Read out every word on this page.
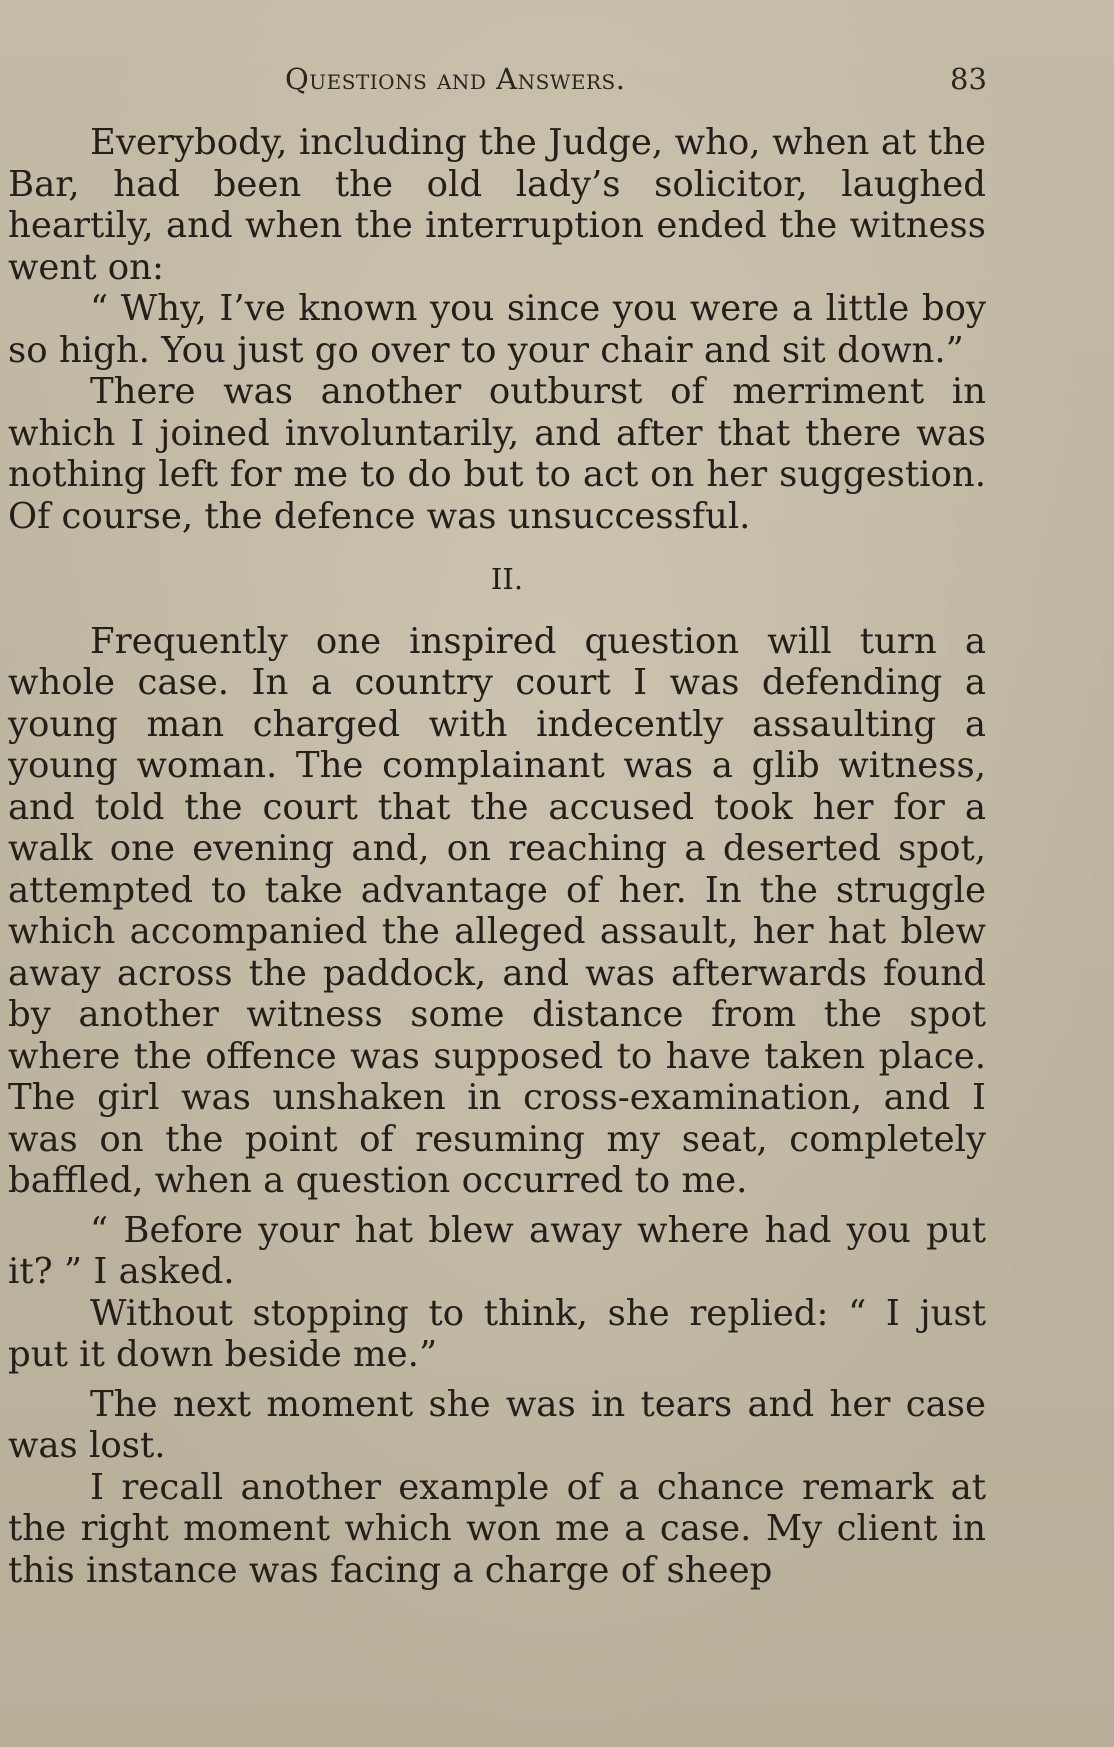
Questions and Answers.	83

Everybody, including the Judge, who, when at the Bar, had been the old lady’s solicitor, laughed heartily, and when the interruption ended the witness went on:

“ Why, I’ve known you since you were a little boy so high. You just go over to your chair and sit down.”

There was another outburst of merriment in which I joined involuntarily, and after that there was nothing left for me to do but to act on her suggestion. Of course, the defence was unsuccessful.

II.

Frequently one inspired question will turn a whole case. In a country court I was defending a young man charged with indecently assaulting a young woman. The complainant was a glib witness, and told the court that the accused took her for a walk one evening and, on reaching a deserted spot, attempted to take advantage of her. In the struggle which accompanied the alleged assault, her hat blew away across the paddock, and was afterwards found by another witness some distance from the spot where the offence was supposed to have taken place. The girl was unshaken in cross-examination, and I was on the point of resuming my seat, completely baffled, when a question occurred to me.

“ Before your hat blew away where had you put it? ” I asked.

Without stopping to think, she replied: “ I just put it down beside me.”

The next moment she was in tears and her case was lost.

I recall another example of a chance remark at the right moment which won me a case. My client in this instance was facing a charge of sheep
